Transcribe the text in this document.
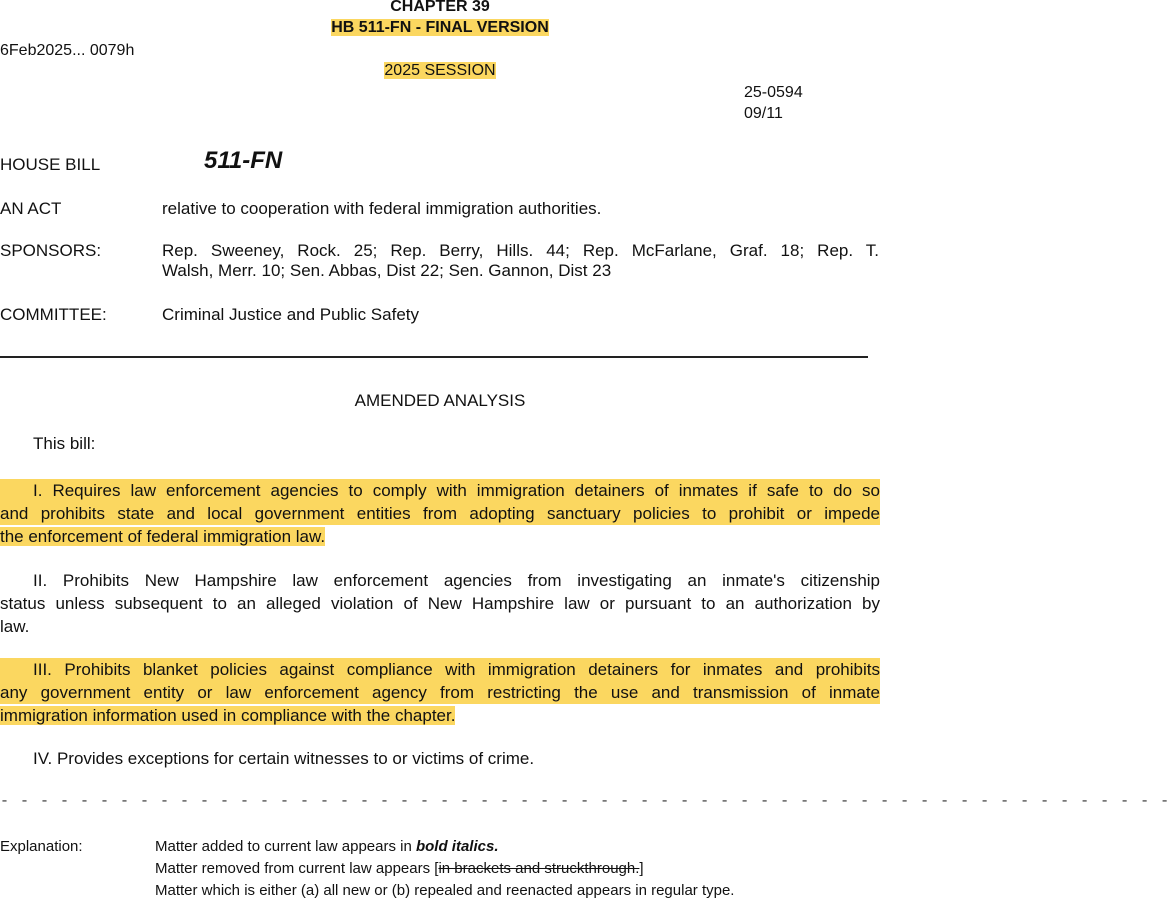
CHAPTER 39
HB 511-FN - FINAL VERSION
6Feb2025... 0079h
2025 SESSION
25-0594
09/11
HOUSE BILL	511-FN
AN ACT	relative to cooperation with federal immigration authorities.
SPONSORS:	Rep. Sweeney, Rock. 25; Rep. Berry, Hills. 44; Rep. McFarlane, Graf. 18; Rep. T.
Walsh, Merr. 10; Sen. Abbas, Dist 22; Sen. Gannon, Dist 23
COMMITTEE:	Criminal Justice and Public Safety
AMENDED ANALYSIS
This bill:
I. Requires law enforcement agencies to comply with immigration detainers of inmates if safe to do so
and prohibits state and local government entities from adopting sanctuary policies to prohibit or impede
the enforcement of federal immigration law.
II. Prohibits New Hampshire law enforcement agencies from investigating an inmate's citizenship
status unless subsequent to an alleged violation of New Hampshire law or pursuant to an authorization by
law.
III. Prohibits blanket policies against compliance with immigration detainers for inmates and prohibits
any government entity or law enforcement agency from restricting the use and transmission of inmate
immigration information used in compliance with the chapter.
IV. Provides exceptions for certain witnesses to or victims of crime.
- - - - - - - - - - - - - - - - - - - - - - - - - - - - - - - - - - - - - - - - - - - - - - - - - - - - - - - - - - -
Explanation:	Matter added to current law appears in bold italics.
Matter removed from current law appears [in brackets and struckthrough.]
Matter which is either (a) all new or (b) repealed and reenacted appears in regular type.
